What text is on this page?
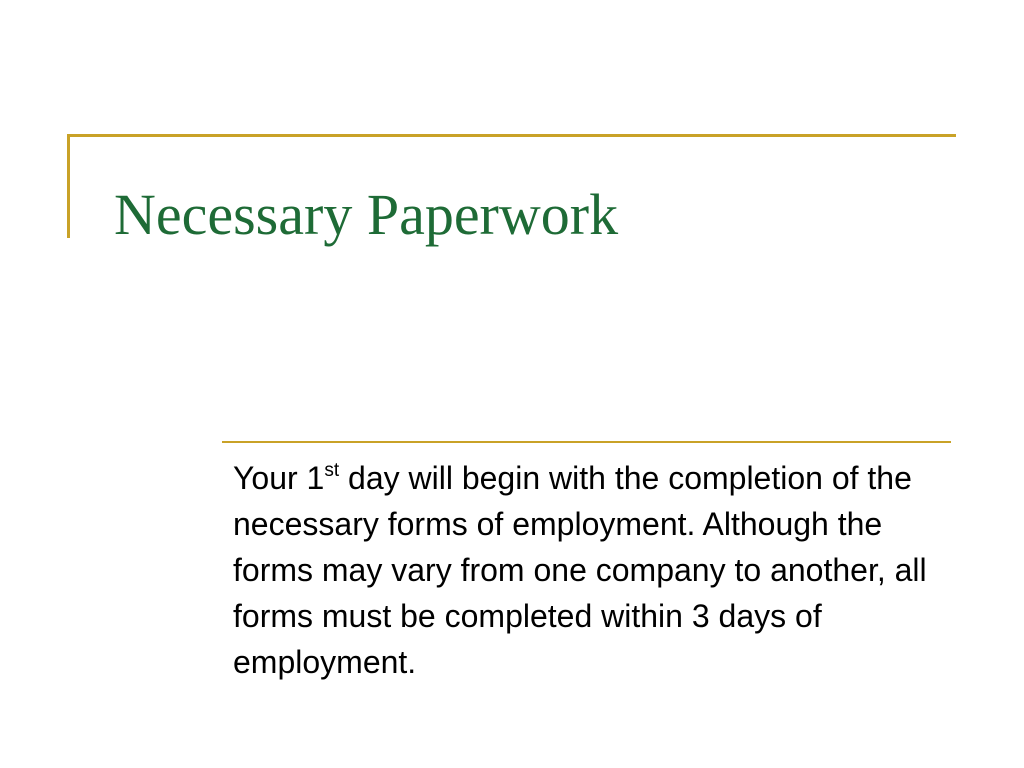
Necessary Paperwork

Your 1st day will begin with the completion of the necessary forms of employment. Although the forms may vary from one company to another, all forms must be completed within 3 days of employment.
